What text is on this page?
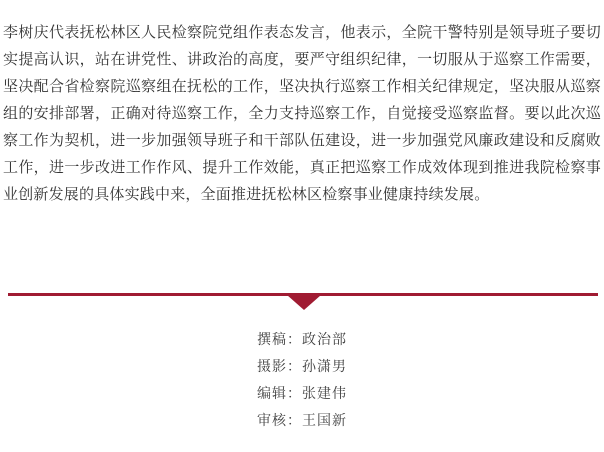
李树庆代表抚松林区人民检察院党组作表态发言，他表示，全院干警特别是领导班子要切实提高认识，站在讲党性、讲政治的高度，要严守组织纪律，一切服从于巡察工作需要，坚决配合省检察院巡察组在抚松的工作，坚决执行巡察工作相关纪律规定，坚决服从巡察组的安排部署，正确对待巡察工作，全力支持巡察工作，自觉接受巡察监督。要以此次巡察工作为契机，进一步加强领导班子和干部队伍建设，进一步加强党风廉政建设和反腐败工作，进一步改进工作作风、提升工作效能，真正把巡察工作成效体现到推进我院检察事业创新发展的具体实践中来，全面推进抚松林区检察事业健康持续发展。

撰稿：政治部
摄影：孙潇男
编辑：张建伟
审核：王国新
